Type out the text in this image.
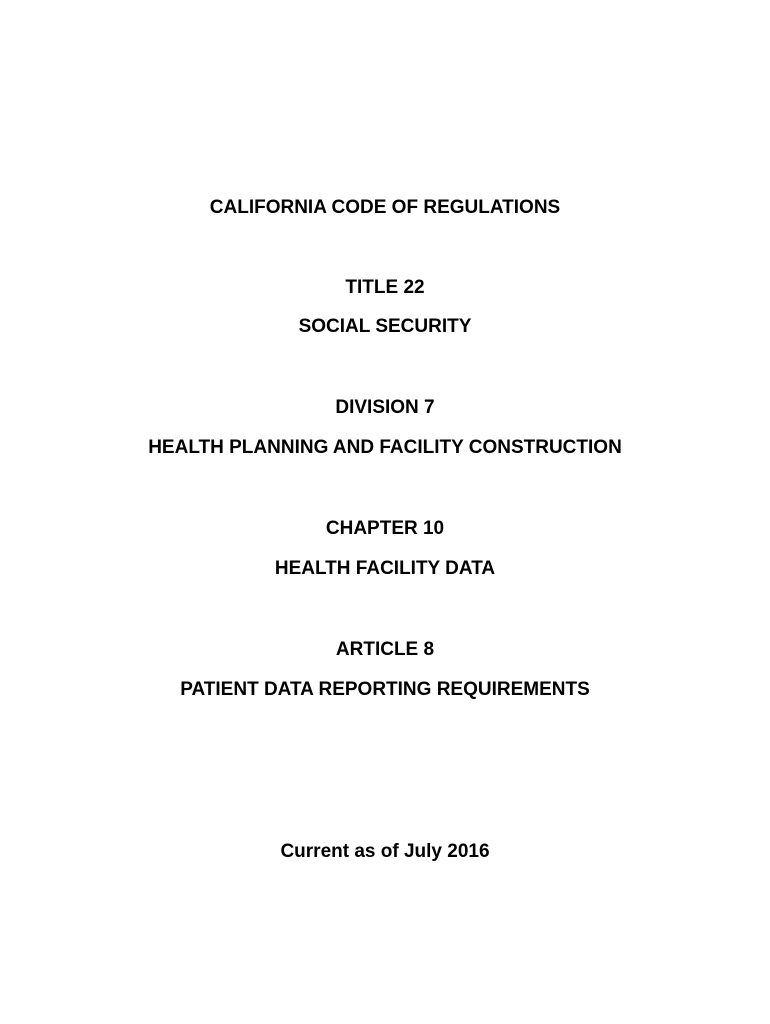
CALIFORNIA CODE OF REGULATIONS
TITLE 22
SOCIAL SECURITY
DIVISION 7
HEALTH PLANNING AND FACILITY CONSTRUCTION
CHAPTER 10
HEALTH FACILITY DATA
ARTICLE 8
PATIENT DATA REPORTING REQUIREMENTS
Current as of July 2016
